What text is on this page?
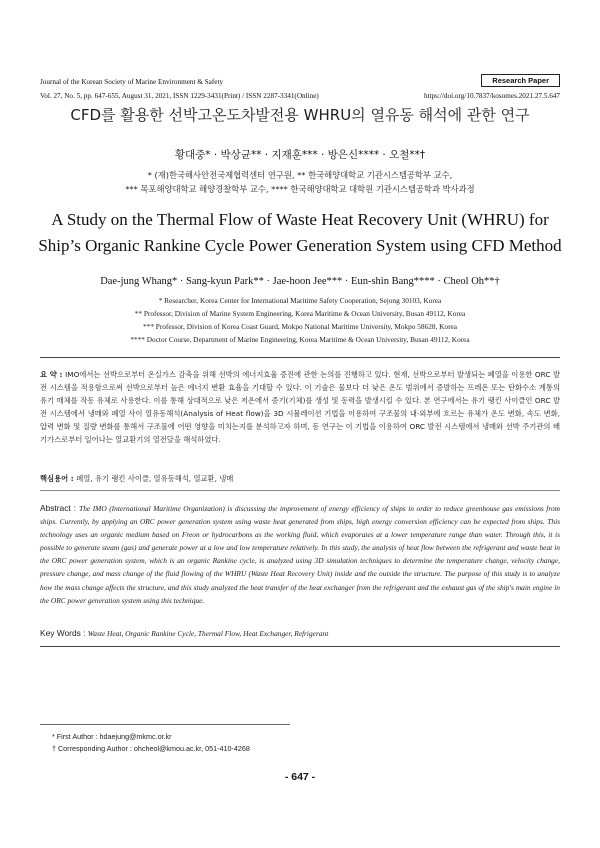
Journal of the Korean Society of Marine Environment & Safety	Research Paper
Vol. 27, No. 5, pp. 647-655, August 31, 2021, ISSN 1229-3431(Print) / ISSN 2287-3341(Online)	https://doi.org/10.7837/kosomes.2021.27.5.647
CFD를 활용한 선박고온도차발전용 WHRU의 열유동 해석에 관한 연구
황대중* · 박상균** · 지재훈*** · 방은신**** · 오철**†
* (재)한국해사안전국제협력센터 연구원, ** 한국해양대학교 기관시스템공학부 교수,
*** 목포해양대학교 해양경찰학부 교수, **** 한국해양대학교 대학원 기관시스템공학과 박사과정
A Study on the Thermal Flow of Waste Heat Recovery Unit (WHRU) for
Ship’s Organic Rankine Cycle Power Generation System using CFD Method
Dae-jung Whang* · Sang-kyun Park** · Jae-hoon Jee*** · Eun-shin Bang**** · Cheol Oh**†
* Researcher, Korea Center for International Maritime Safety Cooperation, Sejong 30103, Korea
** Professor, Division of Marine System Engineering, Korea Maritime & Ocean University, Busan 49112, Korea
*** Professor, Division of Korea Coast Guard, Mokpo National Maritime University, Mokpo 58628, Korea
**** Doctor Course, Department of Marine Engineering, Korea Maritime & Ocean University, Busan 49112, Korea
요 약 : IMO에서는 선박으로부터 온실가스 감축을 위해 선박의 에너지효율 증진에 관한 논의를 진행하고 있다. 현재, 선박으로부터 발생되는 폐열을 이용한 ORC 발전 시스템을 적용함으로써 선박으로부터 높은 에너지 변환 효율을 기대할 수 있다. 이 기술은 물보다 더 낮은 온도 범위에서 증발하는 프레온 또는 탄화수소 계통의 유기 매체를 작동 유체로 사용한다. 이를 통해 상대적으로 낮은 저온에서 증기(기체)를 생성 및 동력을 발생시킬 수 있다. 본 연구에서는 유기 랭킨 사이클인 ORC 발전 시스템에서 냉매와 폐열 사이 열유동해석(Analysis of Heat flow)을 3D 시뮬레이션 기법을 이용하여 구조물의 내·외부에 흐르는 유체가 온도 변화, 속도 변화, 압력 변화 및 질량 변화를 통해서 구조물에 어떤 영향을 미치는지를 분석하고자 하며, 동 연구는 이 기법을 이용하여 ORC 발전 시스템에서 냉매와 선박 주기관의 배기가스로부터 일어나는 열교환기의 열전달을 해석하였다.
핵심용어 : 폐열, 유기 랭킨 사이클, 열유동해석, 열교환, 냉매
Abstract : The IMO (International Maritime Organization) is discussing the improvement of energy efficiency of ships in order to reduce greenhouse gas emissions from ships. Currently, by applying an ORC power generation system using waste heat generated from ships, high energy conversion efficiency can be expected from ships. This technology uses an organic medium based on Freon or hydrocarbons as the working fluid, which evaporates at a lower temperature range than water. Through this, it is possible to generate steam (gas) and generate power at a low and low temperature relatively. In this study, the analysis of heat flow between the refrigerant and waste heat in the ORC power generation system, which is an organic Rankine cycle, is analyzed using 3D simulation techniques to determine the temperature change, velocity change, pressure change, and mass change of the fluid flowing of the WHRU (Waste Heat Recovery Unit) inside and the outside the structure. The purpose of this study is to analyze how the mass change affects the structure, and this study analyzed the heat transfer of the heat exchanger from the refrigerant and the exhaust gas of the ship's main engine in the ORC power generation system using this technique.
Key Words : Waste Heat, Organic Rankine Cycle, Thermal Flow, Heat Exchanger, Refrigerant
* First Author : hdaejung@mkmc.or.kr
† Corresponding Author : ohcheol@kmou.ac.kr, 051-410-4268
- 647 -
